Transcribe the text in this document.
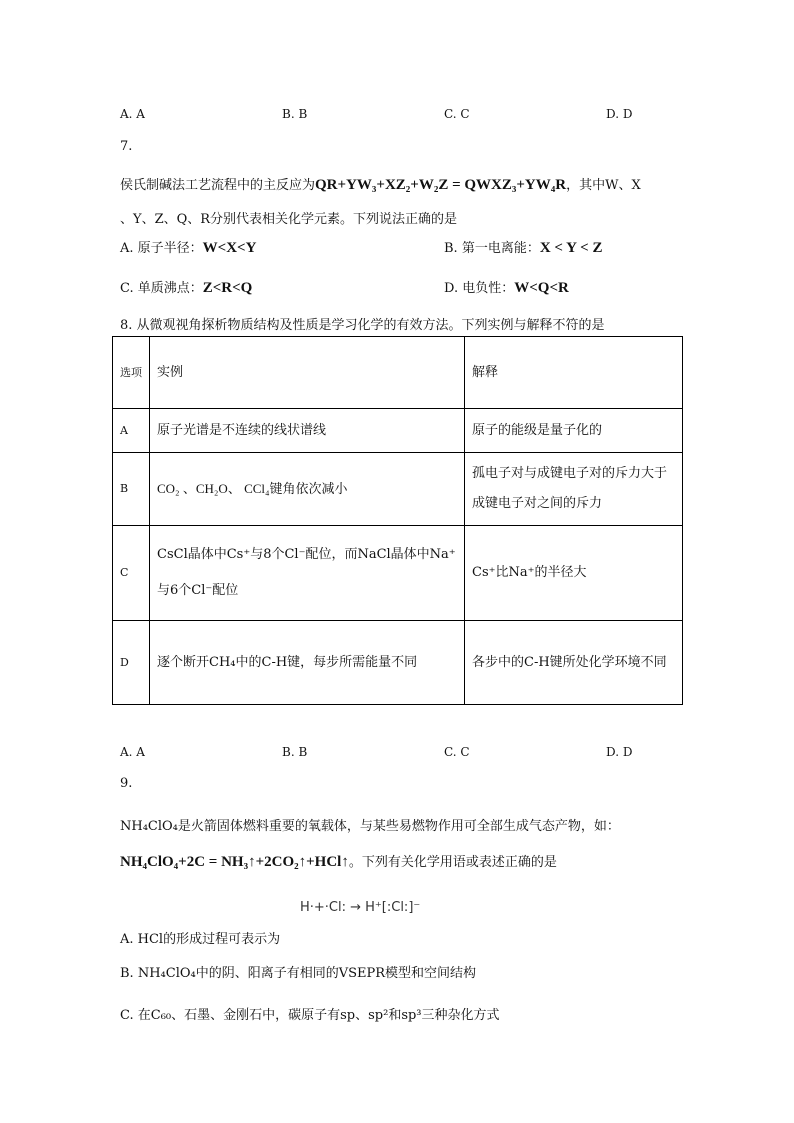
A. A	B. B	C. C	D. D
7.
侯氏制碱法工艺流程中的主反应为QR+YW₃+XZ₂+W₂Z = QWXZ₃+YW₄R，其中W、X
、Y、Z、Q、R分别代表相关化学元素。下列说法正确的是
A. 原子半径：W<X<Y	B. 第一电离能：X < Y < Z
C. 单质沸点：Z<R<Q	D. 电负性：W<Q<R
8. 从微观视角探析物质结构及性质是学习化学的有效方法。下列实例与解释不符的是
选项	实例	解释
A	原子光谱是不连续的线状谱线	原子的能级是量子化的
B	CO₂ 、CH₂O、 CCl₄键角依次减小	孤电子对与成键电子对的斥力大于成键电子对之间的斥力
C	CsCl晶体中Cs⁺与8个Cl⁻配位，而NaCl晶体中Na⁺与6个Cl⁻配位	Cs⁺比Na⁺的半径大
D	逐个断开CH₄中的C-H键，每步所需能量不同	各步中的C-H键所处化学环境不同
A. A	B. B	C. C	D. D
9.
NH₄ClO₄是火箭固体燃料重要的氧载体，与某些易燃物作用可全部生成气态产物，如：
NH₄ClO₄+2C = NH₃↑+2CO₂↑+HCl↑。下列有关化学用语或表述正确的是
H·+·Cl: → H⁺[:Cl:]⁻
A. HCl的形成过程可表示为
B. NH₄ClO₄中的阴、阳离子有相同的VSEPR模型和空间结构
C. 在C₆₀、石墨、金刚石中，碳原子有sp、sp²和sp³三种杂化方式
